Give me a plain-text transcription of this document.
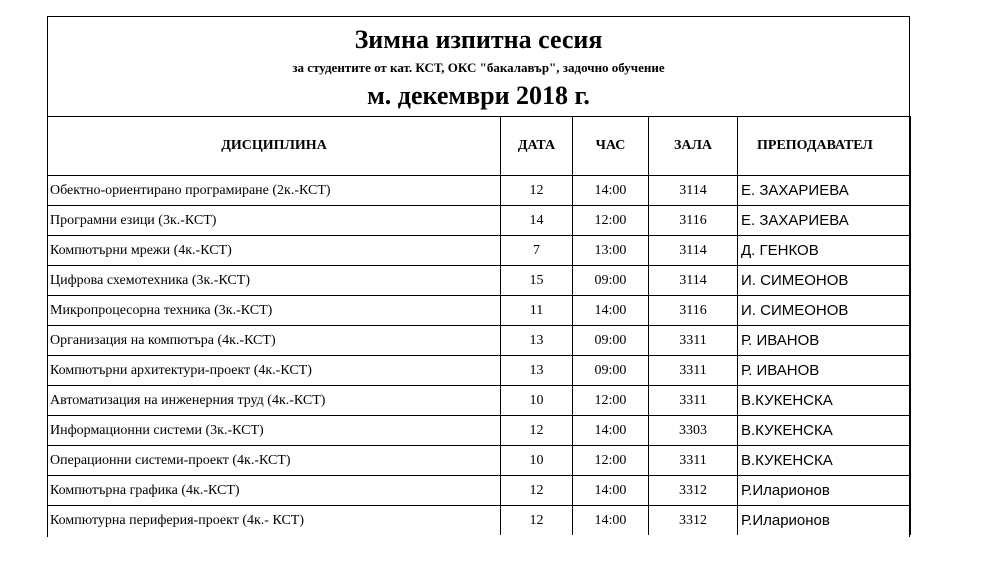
Зимна изпитна сесия
за студентите от кат. КСТ, ОКС "бакалавър", задочно обучение
м. декември 2018 г.
ДИСЦИПЛИНА	ДАТА	ЧАС	ЗАЛА	ПРЕПОДАВАТЕЛ
Обектно-ориентирано програмиране (2к.-КСТ)	12	14:00	3114	Е. ЗАХАРИЕВА
Програмни езици (3к.-КСТ)	14	12:00	3116	Е. ЗАХАРИЕВА
Компютърни мрежи (4к.-КСТ)	7	13:00	3114	Д. ГЕНКОВ
Цифрова схемотехника (3к.-КСТ)	15	09:00	3114	И. СИМЕОНОВ
Микропроцесорна техника (3к.-КСТ)	11	14:00	3116	И. СИМЕОНОВ
Организация на компютъра (4к.-КСТ)	13	09:00	3311	Р. ИВАНОВ
Компютърни архитектури-проект (4к.-КСТ)	13	09:00	3311	Р. ИВАНОВ
Автоматизация на инженерния труд (4к.-КСТ)	10	12:00	3311	В.КУКЕНСКА
Информационни системи (3к.-КСТ)	12	14:00	3303	В.КУКЕНСКА
Операционни системи-проект (4к.-КСТ)	10	12:00	3311	В.КУКЕНСКА
Компютърна графика (4к.-КСТ)	12	14:00	3312	Р.Иларионов
Компютурна периферия-проект (4к.- КСТ)	12	14:00	3312	Р.Иларионов
